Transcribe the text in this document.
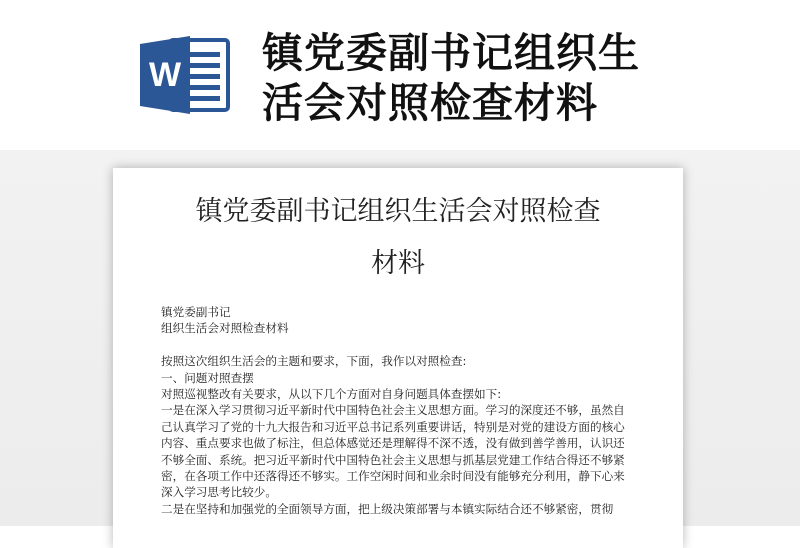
W 镇党委副书记组织生
活会对照检查材料
镇党委副书记组织生活会对照检查
材料
镇党委副书记
组织生活会对照检查材料
按照这次组织生活会的主题和要求，下面，我作以对照检查:
一、问题对照查摆
对照巡视整改有关要求，从以下几个方面对自身问题具体查摆如下:
一是在深入学习贯彻习近平新时代中国特色社会主义思想方面。学习的深度还不够，虽然自
己认真学习了党的十九大报告和习近平总书记系列重要讲话，特别是对党的建设方面的核心
内容、重点要求也做了标注，但总体感觉还是理解得不深不透，没有做到善学善用，认识还
不够全面、系统。把习近平新时代中国特色社会主义思想与抓基层党建工作结合得还不够紧
密，在各项工作中还落得还不够实。工作空闲时间和业余时间没有能够充分利用，静下心来
深入学习思考比较少。
二是在坚持和加强党的全面领导方面，把上级决策部署与本镇实际结合还不够紧密，贯彻
